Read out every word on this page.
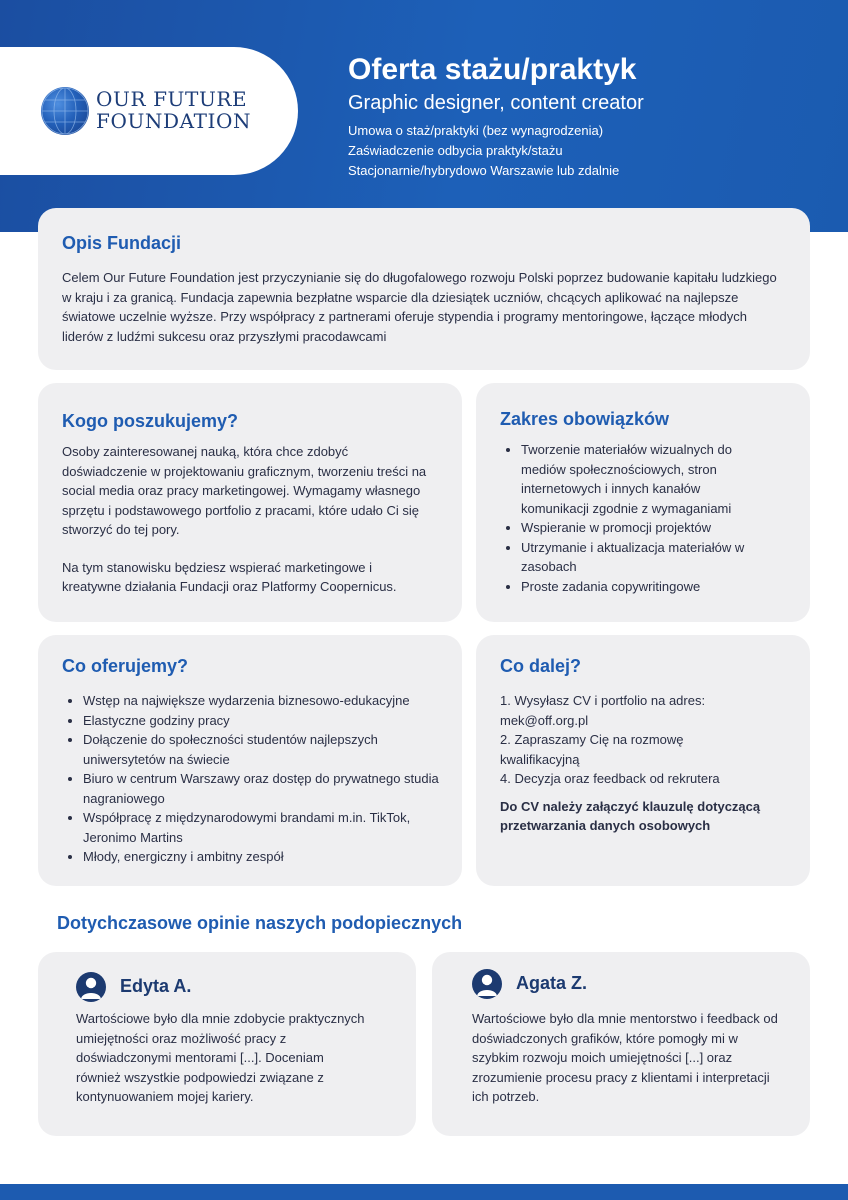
OUR FUTURE
FOUNDATION
Oferta stażu/praktyk
Graphic designer, content creator
Umowa o staż/praktyki (bez wynagrodzenia)
Zaświadczenie odbycia praktyk/stażu
Stacjonarnie/hybrydowo Warszawie lub zdalnie
Opis Fundacji

Celem Our Future Foundation jest przyczynianie się do długofalowego rozwoju Polski poprzez budowanie kapitału ludzkiego w kraju i za granicą. Fundacja zapewnia bezpłatne wsparcie dla dziesiątek uczniów, chcących aplikować na najlepsze światowe uczelnie wyższe. Przy współpracy z partnerami oferuje stypendia i programy mentoringowe, łączące młodych liderów z ludźmi sukcesu oraz przyszłymi pracodawcami

Kogo poszukujemy?

Osoby zainteresowanej nauką, która chce zdobyć doświadczenie w projektowaniu graficznym, tworzeniu treści na social media oraz pracy marketingowej. Wymagamy własnego sprzętu i podstawowego portfolio z pracami, które udało Ci się stworzyć do tej pory.

Na tym stanowisku będziesz wspierać marketingowe i kreatywne działania Fundacji oraz Platformy Coopernicus.

Zakres obowiązków
Tworzenie materiałów wizualnych do mediów społecznościowych, stron internetowych i innych kanałów komunikacji zgodnie z wymaganiami
Wspieranie w promocji projektów
Utrzymanie i aktualizacja materiałów w zasobach
Proste zadania copywritingowe
Co oferujemy?
Wstęp na największe wydarzenia biznesowo-edukacyjne
Elastyczne godziny pracy
Dołączenie do społeczności studentów najlepszych uniwersytetów na świecie
Biuro w centrum Warszawy oraz dostęp do prywatnego studia nagraniowego
Współpracę z międzynarodowymi brandami m.in. TikTok, Jeronimo Martins
Młody, energiczny i ambitny zespół
Co dalej?

1. Wysyłasz CV i portfolio na adres: mek@off.org.pl

2. Zapraszamy Cię na rozmowę kwalifikacyjną

4. Decyzja oraz feedback od rekrutera

Do CV należy załączyć klauzulę dotyczącą przetwarzania danych osobowych

Dotychczasowe opinie naszych podopiecznych
Edyta A.

Wartościowe było dla mnie zdobycie praktycznych umiejętności oraz możliwość pracy z doświadczonymi mentorami [...]. Doceniam również wszystkie podpowiedzi związane z kontynuowaniem mojej kariery.

Agata Z.

Wartościowe było dla mnie mentorstwo i feedback od doświadczonych grafików, które pomogły mi w szybkim rozwoju moich umiejętności [...] oraz zrozumienie procesu pracy z klientami i interpretacji ich potrzeb.
